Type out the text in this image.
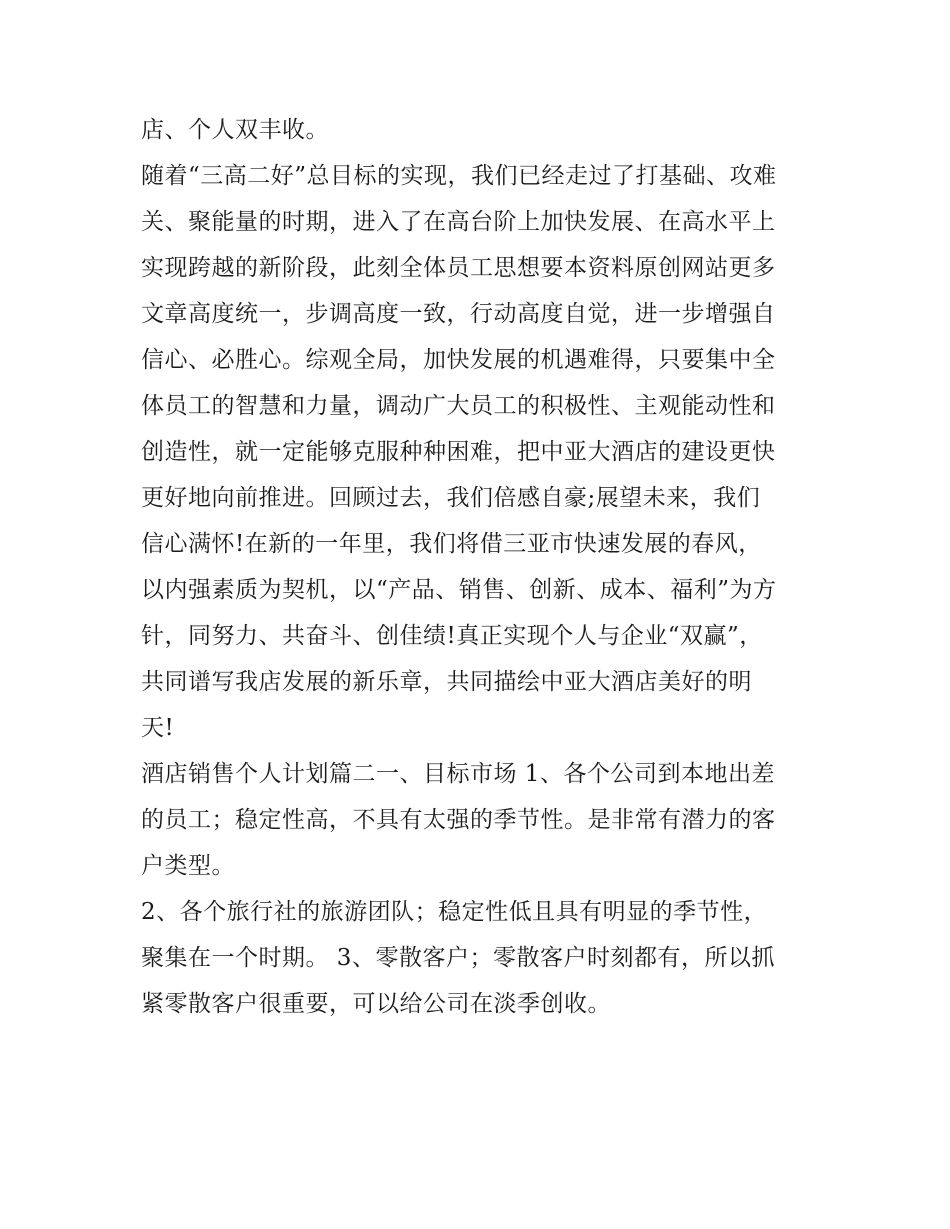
店、个人双丰收。
随着“三高二好”总目标的实现，我们已经走过了打基础、攻难
关、聚能量的时期，进入了在高台阶上加快发展、在高水平上
实现跨越的新阶段，此刻全体员工思想要本资料原创网站更多
文章高度统一，步调高度一致，行动高度自觉，进一步增强自
信心、必胜心。综观全局，加快发展的机遇难得，只要集中全
体员工的智慧和力量，调动广大员工的积极性、主观能动性和
创造性，就一定能够克服种种困难，把中亚大酒店的建设更快
更好地向前推进。回顾过去，我们倍感自豪;展望未来，我们
信心满怀!在新的一年里，我们将借三亚市快速发展的春风，
以内强素质为契机，以“产品、销售、创新、成本、福利”为方
针，同努力、共奋斗、创佳绩!真正实现个人与企业“双赢”，
共同谱写我店发展的新乐章，共同描绘中亚大酒店美好的明
天!
酒店销售个人计划篇二一、目标市场 1、各个公司到本地出差
的员工；稳定性高，不具有太强的季节性。是非常有潜力的客
户类型。
2、各个旅行社的旅游团队；稳定性低且具有明显的季节性，
聚集在一个时期。 3、零散客户；零散客户时刻都有，所以抓
紧零散客户很重要，可以给公司在淡季创收。
